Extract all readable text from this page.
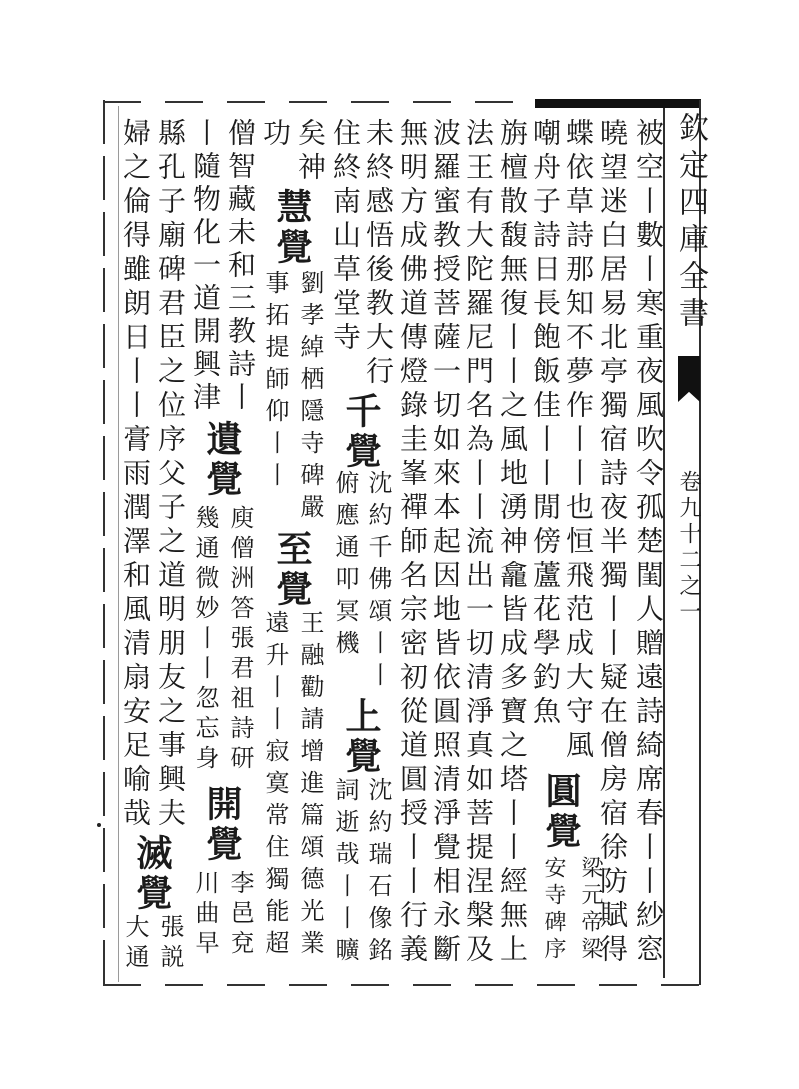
欽定四庫全書
卷九十二之一
被空丨數丨寒重夜風吹令孤楚閨人贈遠詩綺席春丨丨紗窓
曉望迷白居易北亭獨宿詩夜半獨丨丨疑在僧房宿徐防賦得
蝶依草詩那知不夢作丨丨也恒飛范成大守風
嘲舟子詩日長飽飯佳丨丨閒傍蘆花學釣魚
旃檀散馥無復丨丨之風地湧神龕皆成多寶之塔丨丨經無上
法王有大陀羅尼門名為丨丨流出一切清淨真如菩提涅槃及
波羅蜜教授菩薩一切如來本起因地皆依圓照清淨覺相永斷
無明方成佛道傳燈錄圭峯禪師名宗密初從道圓授丨丨行義
未終感悟後教大行
住終南山草堂寺
矣神
功
僧智藏未和三教詩丨
丨隨物化一道開興津
縣孔子廟碑君臣之位序父子之道明朋友之事興夫
婦之倫得雖朗日丨丨膏雨潤澤和風清扇安足喻哉	圓覺
梁元帝梁
安寺碑序
千覺
沈約千佛頌丨丨
俯應通叩冥機
上覺
沈約瑞石像銘
詞逝哉丨丨曠
慧覺
劉孝綽栖隱寺碑嚴
事拓提師仰丨丨
至覺
王融勸請增進篇頌德光業
遠升丨丨寂寞常住獨能超
遺覺
庾僧洲答張君祖詩研
幾通微妙丨丨忽忘身
開覺
李邑兗
川曲早
滅覺
張説
大通
